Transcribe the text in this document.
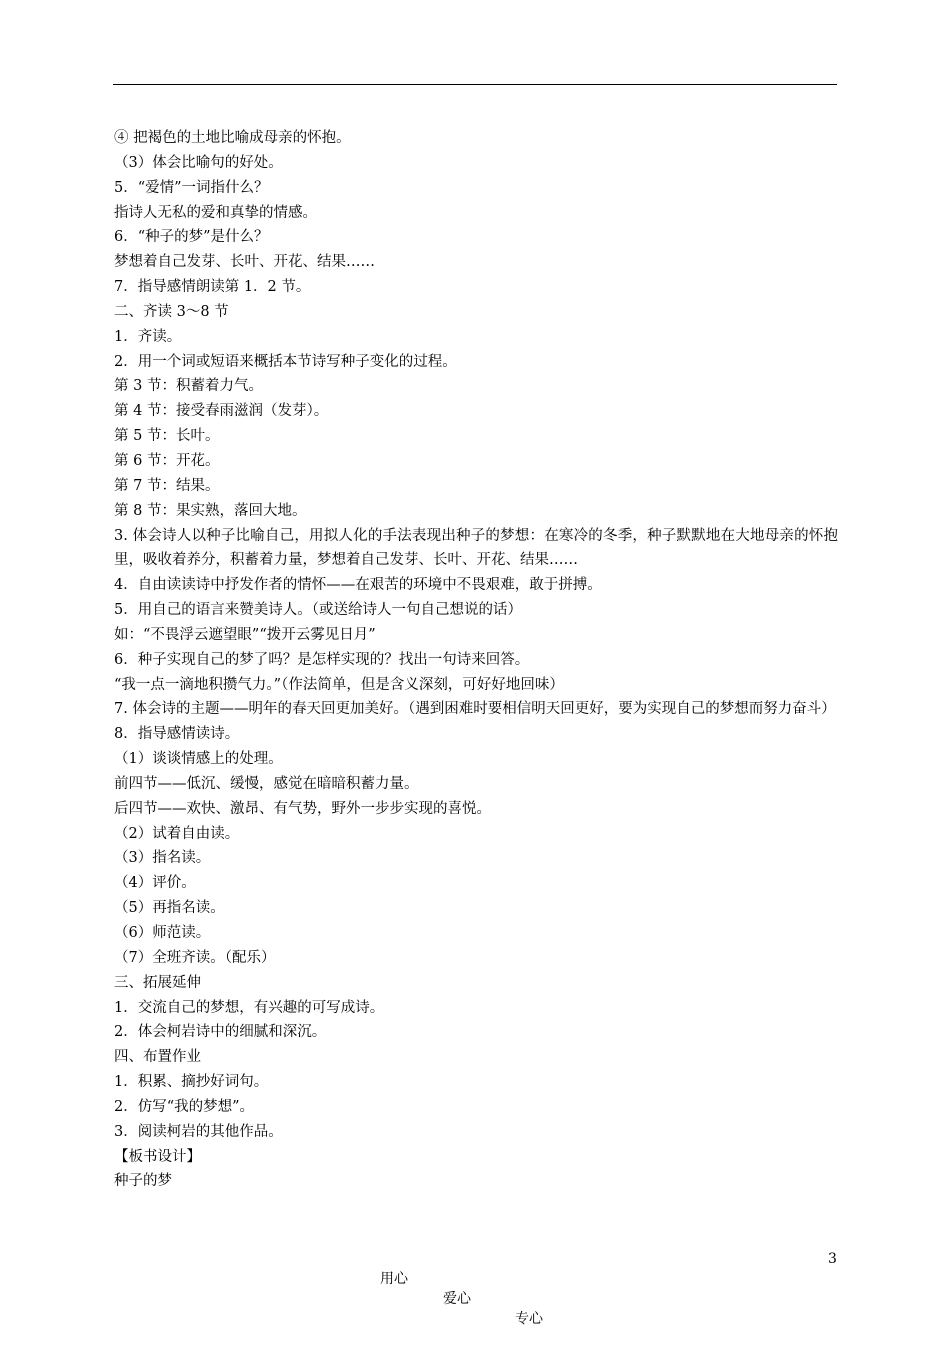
④ 把褐色的土地比喻成母亲的怀抱。
（3）体会比喻句的好处。
5．“爱情”一词指什么？
指诗人无私的爱和真挚的情感。
6．“种子的梦”是什么？
梦想着自己发芽、长叶、开花、结果……
7．指导感情朗读第 1．2 节。
二、齐读 3～8 节
1．齐读。
2．用一个词或短语来概括本节诗写种子变化的过程。
第 3 节：积蓄着力气。
第 4 节：接受春雨滋润（发芽）。
第 5 节：长叶。
第 6 节：开花。
第 7 节：结果。
第 8 节：果实熟，落回大地。
3. 体会诗人以种子比喻自己，用拟人化的手法表现出种子的梦想：在寒冷的冬季，种子默默地在大地母亲的怀抱里，吸收着养分，积蓄着力量，梦想着自己发芽、长叶、开花、结果……
4．自由读读诗中抒发作者的情怀——在艰苦的环境中不畏艰难，敢于拼搏。
5．用自己的语言来赞美诗人。（或送给诗人一句自己想说的话）
如：“不畏浮云遮望眼”“拨开云雾见日月”
6．种子实现自己的梦了吗？是怎样实现的？找出一句诗来回答。
“我一点一滴地积攒气力。”（作法简单，但是含义深刻，可好好地回味）
7. 体会诗的主题——明年的春天回更加美好。（遇到困难时要相信明天回更好，要为实现自己的梦想而努力奋斗）
8．指导感情读诗。
（1）谈谈情感上的处理。
前四节——低沉、缓慢，感觉在暗暗积蓄力量。
后四节——欢快、激昂、有气势，野外一步步实现的喜悦。
（2）试着自由读。
（3）指名读。
（4）评价。
（5）再指名读。
（6）师范读。
（7）全班齐读。（配乐）
三、拓展延伸
1．交流自己的梦想，有兴趣的可写成诗。
2．体会柯岩诗中的细腻和深沉。
四、布置作业
1．积累、摘抄好词句。
2．仿写“我的梦想”。
3．阅读柯岩的其他作品。
【板书设计】
种子的梦

用心

爱心

专心

3
